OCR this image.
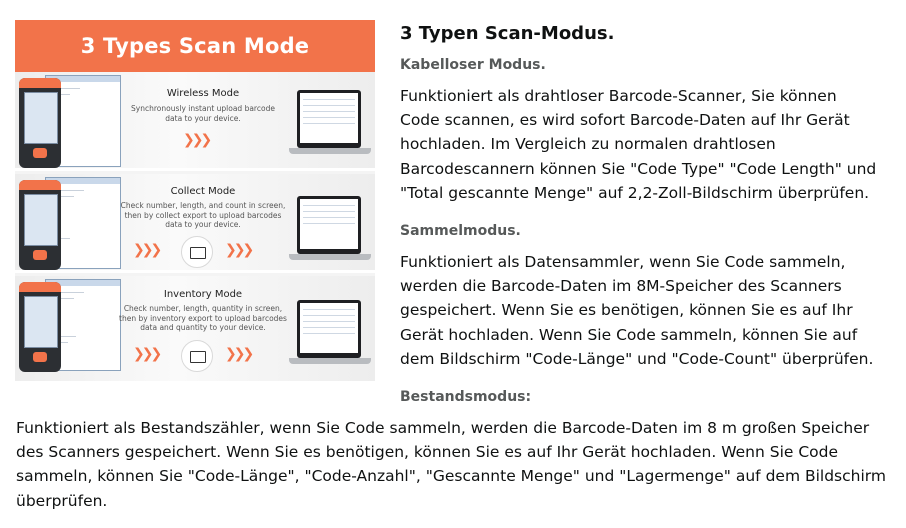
3 Types Scan Mode
Wireless Mode
Synchronously instant upload barcode
data to your device.
❯❯❯
Collect Mode
Check number, length, and count in screen,
then by collect export to upload barcodes
data to your device.
❯❯❯	❯❯❯
Inventory Mode
Check number, length, quantity in screen,
then by inventory export to upload barcodes
data and quantity to your device.
❯❯❯	❯❯❯
3 Typen Scan-Modus.
Kabelloser Modus.
Funktioniert als drahtloser Barcode-Scanner, Sie können
Code scannen, es wird sofort Barcode-Daten auf Ihr Gerät
hochladen. Im Vergleich zu normalen drahtlosen
Barcodescannern können Sie "Code Type" "Code Length" und
"Total gescannte Menge" auf 2,2-Zoll-Bildschirm überprüfen.
Sammelmodus.
Funktioniert als Datensammler, wenn Sie Code sammeln,
werden die Barcode-Daten im 8M-Speicher des Scanners
gespeichert. Wenn Sie es benötigen, können Sie es auf Ihr
Gerät hochladen. Wenn Sie Code sammeln, können Sie auf
dem Bildschirm "Code-Länge" und "Code-Count" überprüfen.
Bestandsmodus:
Funktioniert als Bestandszähler, wenn Sie Code sammeln, werden die Barcode-Daten im 8 m großen Speicher
des Scanners gespeichert. Wenn Sie es benötigen, können Sie es auf Ihr Gerät hochladen. Wenn Sie Code
sammeln, können Sie "Code-Länge", "Code-Anzahl", "Gescannte Menge" und "Lagermenge" auf dem Bildschirm
überprüfen.
